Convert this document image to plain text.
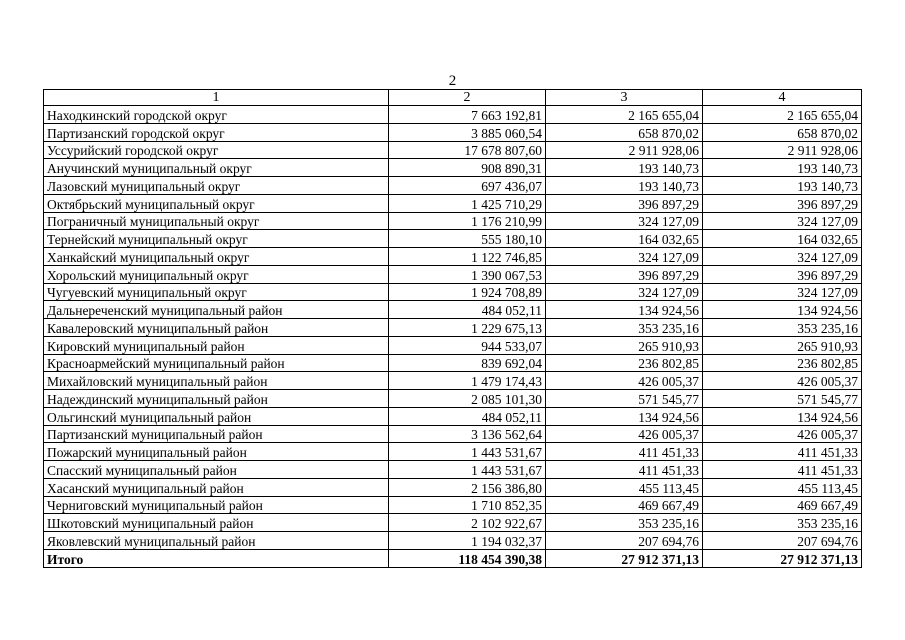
2
1	2	3	4
Находкинский городской округ	7 663 192,81	2 165 655,04	2 165 655,04
Партизанский городской округ	3 885 060,54	658 870,02	658 870,02
Уссурийский городской округ	17 678 807,60	2 911 928,06	2 911 928,06
Анучинский муниципальный округ	908 890,31	193 140,73	193 140,73
Лазовский муниципальный округ	697 436,07	193 140,73	193 140,73
Октябрьский муниципальный округ	1 425 710,29	396 897,29	396 897,29
Пограничный муниципальный округ	1 176 210,99	324 127,09	324 127,09
Тернейский муниципальный округ	555 180,10	164 032,65	164 032,65
Ханкайский муниципальный округ	1 122 746,85	324 127,09	324 127,09
Хорольский муниципальный округ	1 390 067,53	396 897,29	396 897,29
Чугуевский муниципальный округ	1 924 708,89	324 127,09	324 127,09
Дальнереченский муниципальный район	484 052,11	134 924,56	134 924,56
Кавалеровский муниципальный район	1 229 675,13	353 235,16	353 235,16
Кировский муниципальный район	944 533,07	265 910,93	265 910,93
Красноармейский муниципальный район	839 692,04	236 802,85	236 802,85
Михайловский муниципальный район	1 479 174,43	426 005,37	426 005,37
Надеждинский муниципальный район	2 085 101,30	571 545,77	571 545,77
Ольгинский муниципальный район	484 052,11	134 924,56	134 924,56
Партизанский муниципальный район	3 136 562,64	426 005,37	426 005,37
Пожарский муниципальный район	1 443 531,67	411 451,33	411 451,33
Спасский муниципальный район	1 443 531,67	411 451,33	411 451,33
Хасанский муниципальный район	2 156 386,80	455 113,45	455 113,45
Черниговский муниципальный район	1 710 852,35	469 667,49	469 667,49
Шкотовский муниципальный район	2 102 922,67	353 235,16	353 235,16
Яковлевский муниципальный район	1 194 032,37	207 694,76	207 694,76
Итого	118 454 390,38	27 912 371,13	27 912 371,13
